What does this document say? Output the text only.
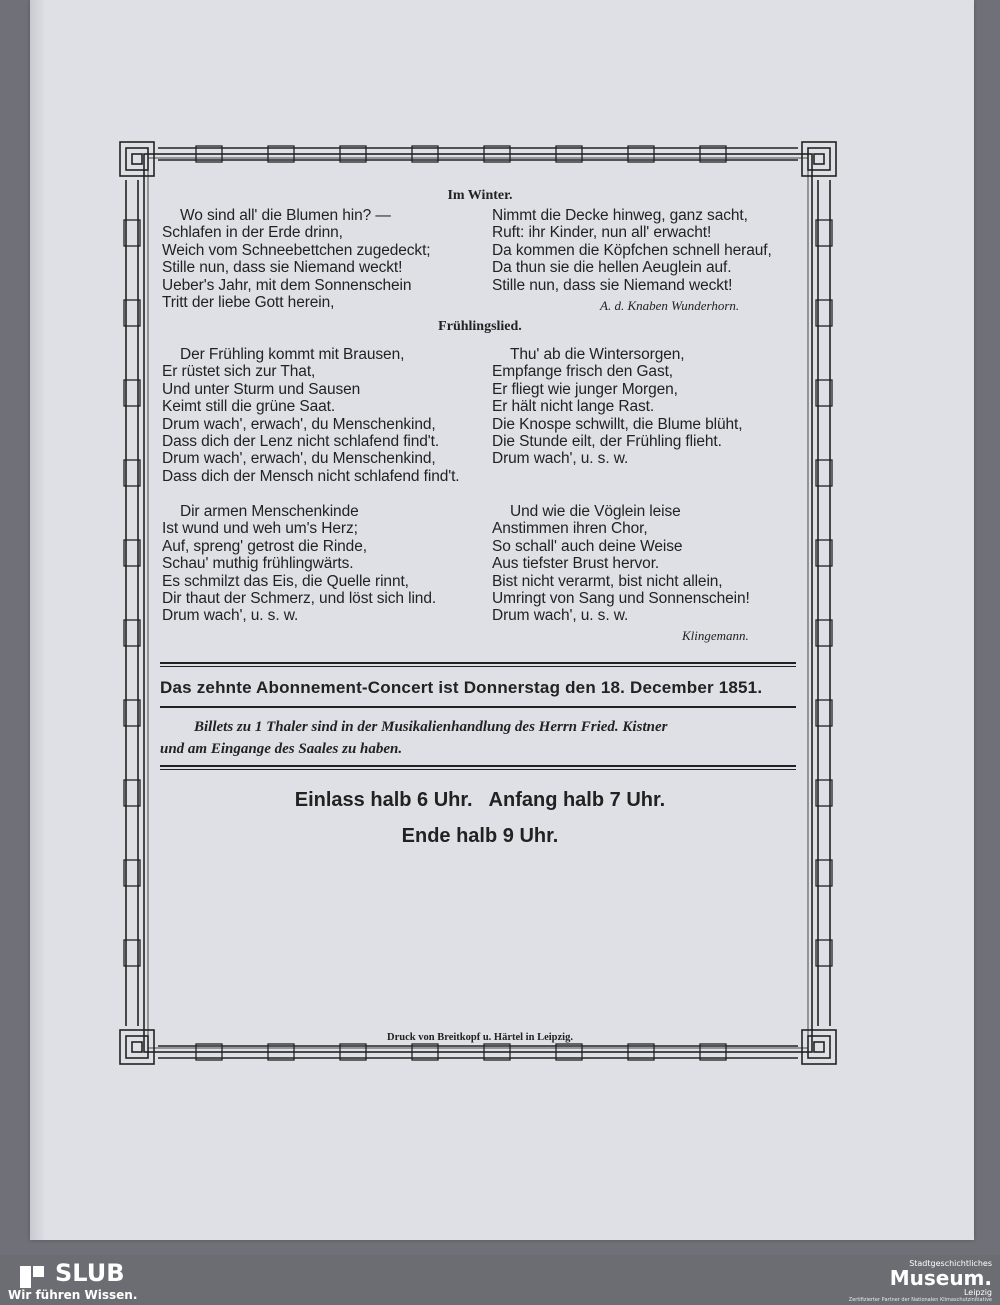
Im Winter.
Wo sind all' die Blumen hin? —
Schlafen in der Erde drinn,
Weich vom Schneebettchen zugedeckt;
Stille nun, dass sie Niemand weckt!
Ueber's Jahr, mit dem Sonnenschein
Tritt der liebe Gott herein,
Nimmt die Decke hinweg, ganz sacht,
Ruft: ihr Kinder, nun all' erwacht!
Da kommen die Köpfchen schnell herauf,
Da thun sie die hellen Aeuglein auf.
Stille nun, dass sie Niemand weckt!
A. d. Knaben Wunderhorn.
Frühlingslied.
Der Frühling kommt mit Brausen,
Er rüstet sich zur That,
Und unter Sturm und Sausen
Keimt still die grüne Saat.
Drum wach', erwach', du Menschenkind,
Dass dich der Lenz nicht schlafend find't.
Drum wach', erwach', du Menschenkind,
Dass dich der Mensch nicht schlafend find't.
Thu' ab die Wintersorgen,
Empfange frisch den Gast,
Er fliegt wie junger Morgen,
Er hält nicht lange Rast.
Die Knospe schwillt, die Blume blüht,
Die Stunde eilt, der Frühling flieht.
Drum wach', u. s. w.
Dir armen Menschenkinde
Ist wund und weh um's Herz;
Auf, spreng' getrost die Rinde,
Schau' muthig frühlingwärts.
Es schmilzt das Eis, die Quelle rinnt,
Dir thaut der Schmerz, und löst sich lind.
Drum wach', u. s. w.
Und wie die Vöglein leise
Anstimmen ihren Chor,
So schall' auch deine Weise
Aus tiefster Brust hervor.
Bist nicht verarmt, bist nicht allein,
Umringt von Sang und Sonnenschein!
Drum wach', u. s. w.
Klingemann.
Das zehnte Abonnement-Concert ist Donnerstag den 18. December 1851.
Billets zu 1 Thaler sind in der Musikalienhandlung des Herrn Fried. Kistner
und am Eingange des Saales zu haben.
Einlass halb 6 Uhr.   Anfang halb 7 Uhr.
Ende halb 9 Uhr.
Druck von Breitkopf u. Härtel in Leipzig.
SLUB
Wir führen Wissen.
Stadtgeschichtliches
Museum.
Leipzig
Zertifizierter Partner der Nationalen Klimaschutzinitiative
